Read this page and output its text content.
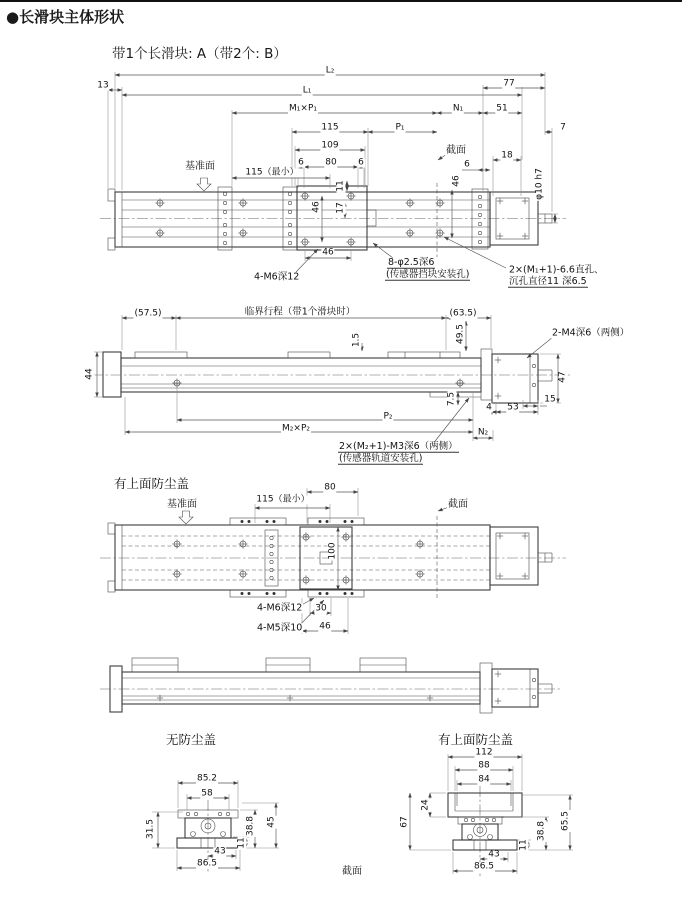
●长滑块主体形状
带1个长滑块: A（带2个: B）
L₂
13	L₁
77
M₁×P₁	N₁	51
115	P₁	7
109
18
6 80 6
基准面
115（最小）
11
截面
6
46	φ10 h7
46 17
46
4-M6深12
8-φ2.5深6
(传感器挡块安装孔)	2×(M₁+1)-6.6直孔、
沉孔直径11 深6.5
(57.5)	临界行程（带1个滑块时）	(63.5)
49.5	2-M4深6（两侧）
1.5
44	47
15
7.5
4 53
P₂
M₂×P₂	N₂
2×(M₂+1)-M3深6（两侧）
(传感器轨道安装孔)
有上面防尘盖	80
115（最小）
基准面
100
截面
4-M6深12 30
4-M5深10 46
无防尘盖	有上面防尘盖
85.2
58
31.5	38.8 45
43
11
86.5
112
88
84
24
67	38.8 65.5
43
11
86.5
截面
